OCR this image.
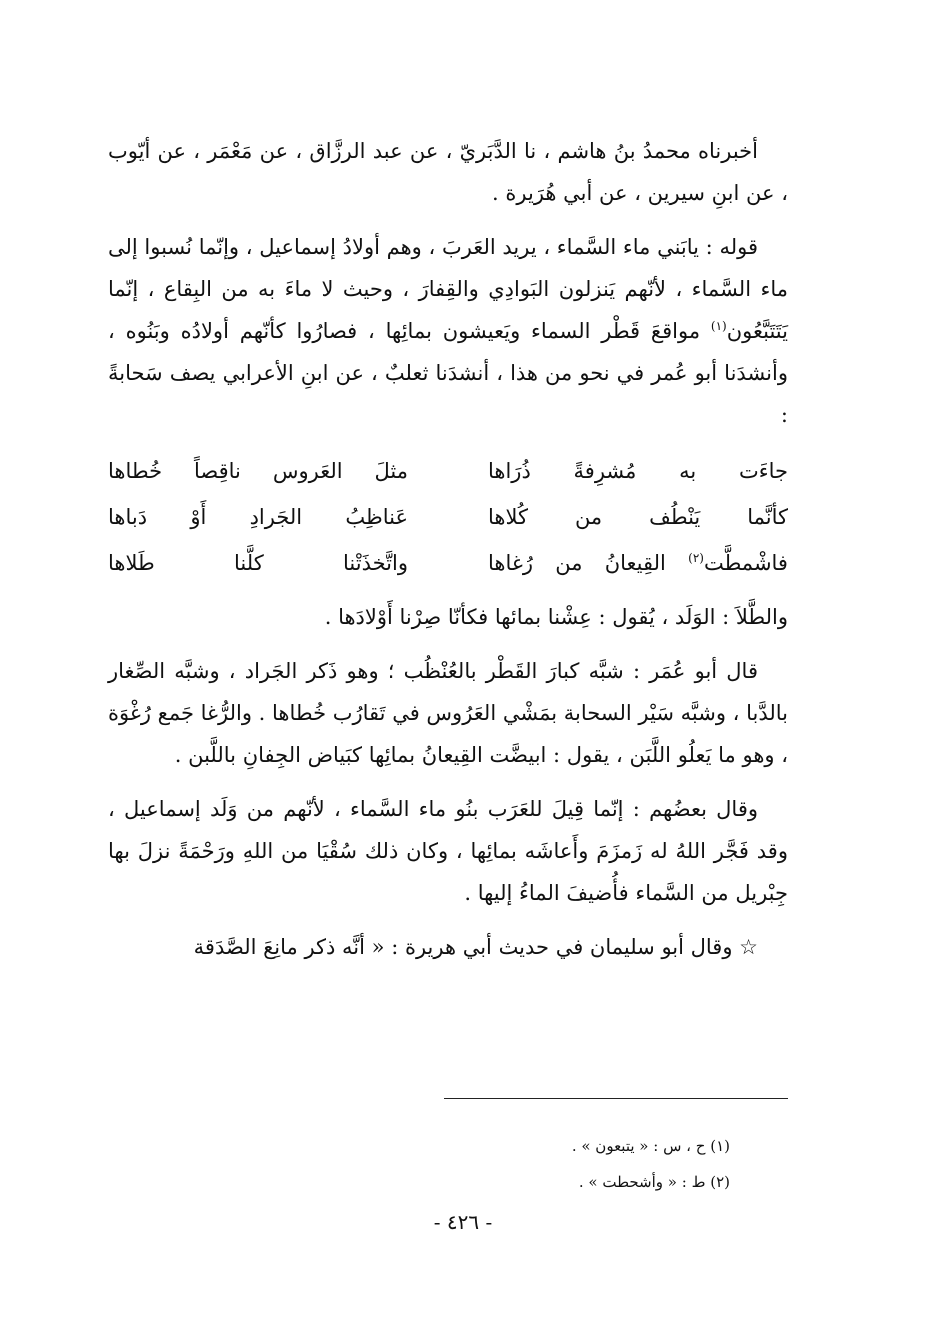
أخبرناه محمدُ بنُ هاشم ، نا الدَّبَريّ ، عن عبد الرزَّاق ، عن مَعْمَر ، عن أيّوب ، عن ابنِ سيرين ، عن أبي هُرَيرة .

قوله : يابَني ماء السَّماء ، يريد العَربَ ، وهم أولادُ إسماعيل ، وإنّما نُسبوا إلى ماء السَّماء ، لأنّهم يَنزلون البَوادِي والقِفارَ ، وحيث لا ماءَ به من البِقاع ، إنّما يَتَتَبَّعُون$^{(١)}$ مواقعَ قَطْر السماء ويَعيشون بمائِها ، فصارُوا كأنّهم أولادُه وبَنُوه ، وأنشدَنا أبو عُمر في نحو من هذا ، أنشدَنا ثعلبٌ ، عن ابنِ الأعرابي يصف سَحابةً :

جاءَت به مُشرِفةً ذُرَاها
مثلَ العَروس ناقِصاً خُطاها
كأنَّما يَنْطُف من كُلاها
عَناظِبُ الجَرادِ أَوْ دَباها
فاشْمطَّت$^{(٢)}$ القِيعانُ من رُغاها
واتَّخذَتْنا كلَّنا طَلاها

والطَّلاَ : الوَلَد ، يُقول : عِشْنا بمائها فكأنّا صِرْنا أَوْلادَها .

قال أبو عُمَر : شبَّه كبارَ القَطْر بالعُنْظُب ؛ وهو ذَكر الجَراد ، وشبَّه الصِّغار بالدَّبا ، وشبَّه سَيْر السحابة بمَشْي العَرُوس في تَقارُب خُطاها . والرُّغا جَمع رُغْوَة ، وهو ما يَعلُو اللَّبَن ، يقول : ابيضَّت القِيعانُ بمائِها كبَياض الجِفانِ باللَّبن .

وقال بعضُهم : إنّما قِيلَ للعَرَب بنُو ماء السَّماء ، لأنّهم من وَلَد إسماعيل ، وقد فَجَّر اللهُ له زَمزَمَ وأَعاشَه بمائِها ، وكان ذلك سُقْيَا من اللهِ ورَحْمَةً نزلَ بها جِبْريل من السَّماء فأُضيفَ الماءُ إليها .

☆ وقال أبو سليمان في حديث أبي هريرة : « أنَّه ذكر مانِعَ الصَّدَقة

(١) ح ، س : « يتبعون » .
(٢) ط : « وأشحطت » .
- ٤٢٦ -
